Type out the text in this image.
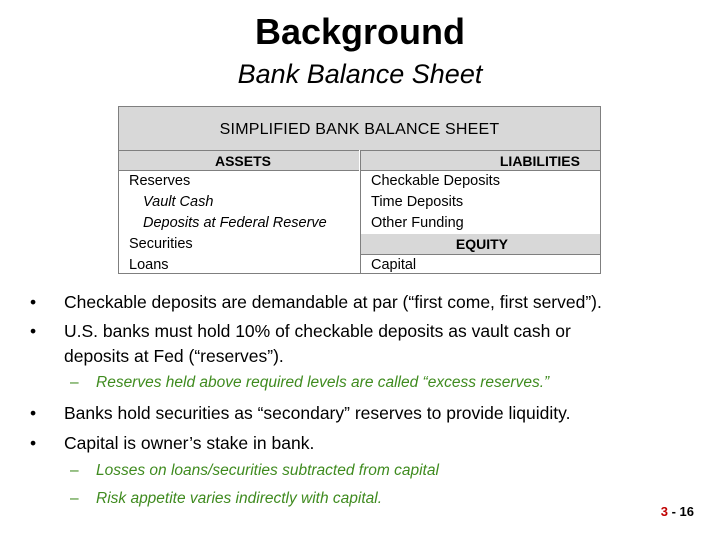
Background
Bank Balance Sheet
SIMPLIFIED BANK BALANCE SHEET
ASSETS
Reserves
Vault Cash
Deposits at Federal Reserve
Securities
Loans
LIABILITIES
Checkable Deposits
Time Deposits
Other Funding
EQUITY
Capital
• Checkable deposits are demandable at par (“first come, first served”).
• U.S. banks must hold 10% of checkable deposits as vault cash or
deposits at Fed (“reserves”).
– Reserves held above required levels are called “excess reserves.”
• Banks hold securities as “secondary” reserves to provide liquidity.
• Capital is owner’s stake in bank.
– Losses on loans/securities subtracted from capital
– Risk appetite varies indirectly with capital.
3 - 16
